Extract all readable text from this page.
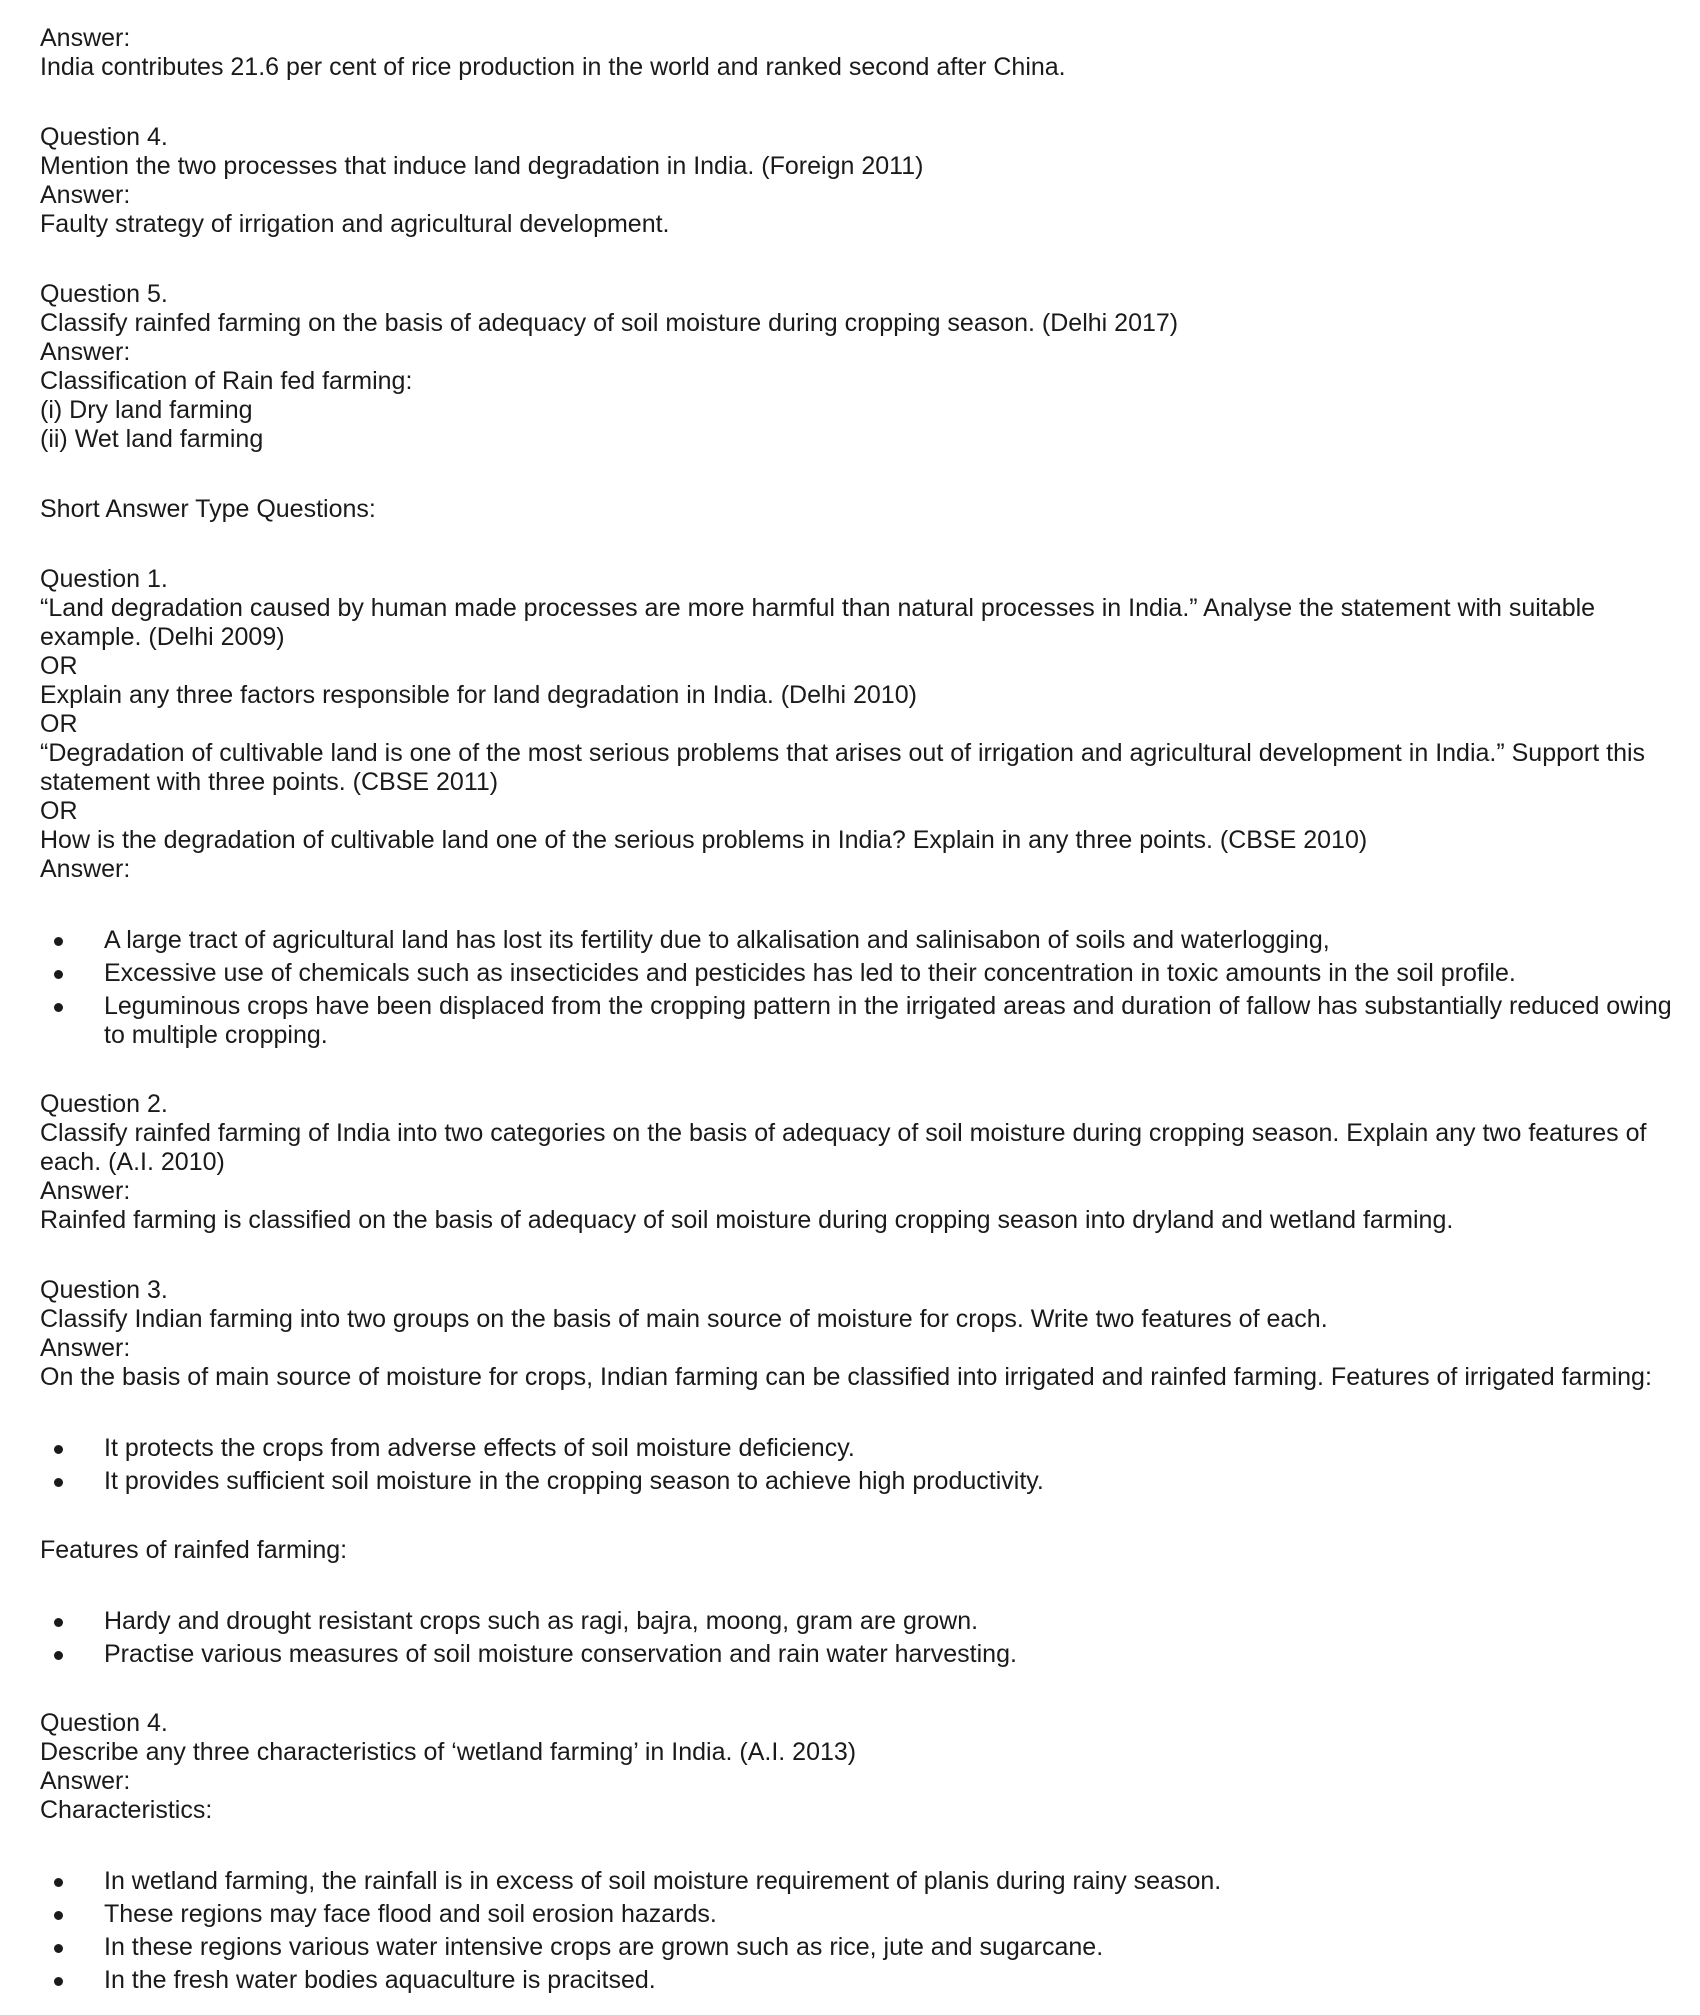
Answer:
India contributes 21.6 per cent of rice production in the world and ranked second after China.
Question 4.
Mention the two processes that induce land degradation in India. (Foreign 2011)
Answer:
Faulty strategy of irrigation and agricultural development.
Question 5.
Classify rainfed farming on the basis of adequacy of soil moisture during cropping season. (Delhi 2017)
Answer:
Classification of Rain fed farming:
(i) Dry land farming
(ii) Wet land farming
Short Answer Type Questions:
Question 1.
“Land degradation caused by human made processes are more harmful than natural processes in India.” Analyse the statement with suitable example. (Delhi 2009)
OR
Explain any three factors responsible for land degradation in India. (Delhi 2010)
OR
“Degradation of cultivable land is one of the most serious problems that arises out of irrigation and agricultural development in India.” Support this statement with three points. (CBSE 2011)
OR
How is the degradation of cultivable land one of the serious problems in India? Explain in any three points. (CBSE 2010)
Answer:
A large tract of agricultural land has lost its fertility due to alkalisation and salinisabon of soils and waterlogging,
Excessive use of chemicals such as insecticides and pesticides has led to their concentration in toxic amounts in the soil profile.
Leguminous crops have been displaced from the cropping pattern in the irrigated areas and duration of fallow has substantially reduced owing to multiple cropping.
Question 2.
Classify rainfed farming of India into two categories on the basis of adequacy of soil moisture during cropping season. Explain any two features of each. (A.I. 2010)
Answer:
Rainfed farming is classified on the basis of adequacy of soil moisture during cropping season into dryland and wetland farming.
Question 3.
Classify Indian farming into two groups on the basis of main source of moisture for crops. Write two features of each.
Answer:
On the basis of main source of moisture for crops, Indian farming can be classified into irrigated and rainfed farming. Features of irrigated farming:
It protects the crops from adverse effects of soil moisture deficiency.
It provides sufficient soil moisture in the cropping season to achieve high productivity.
Features of rainfed farming:
Hardy and drought resistant crops such as ragi, bajra, moong, gram are grown.
Practise various measures of soil moisture conservation and rain water harvesting.
Question 4.
Describe any three characteristics of ‘wetland farming’ in India. (A.I. 2013)
Answer:
Characteristics:
In wetland farming, the rainfall is in excess of soil moisture requirement of planis during rainy season.
These regions may face flood and soil erosion hazards.
In these regions various water intensive crops are grown such as rice, jute and sugarcane.
In the fresh water bodies aquaculture is pracitsed.
